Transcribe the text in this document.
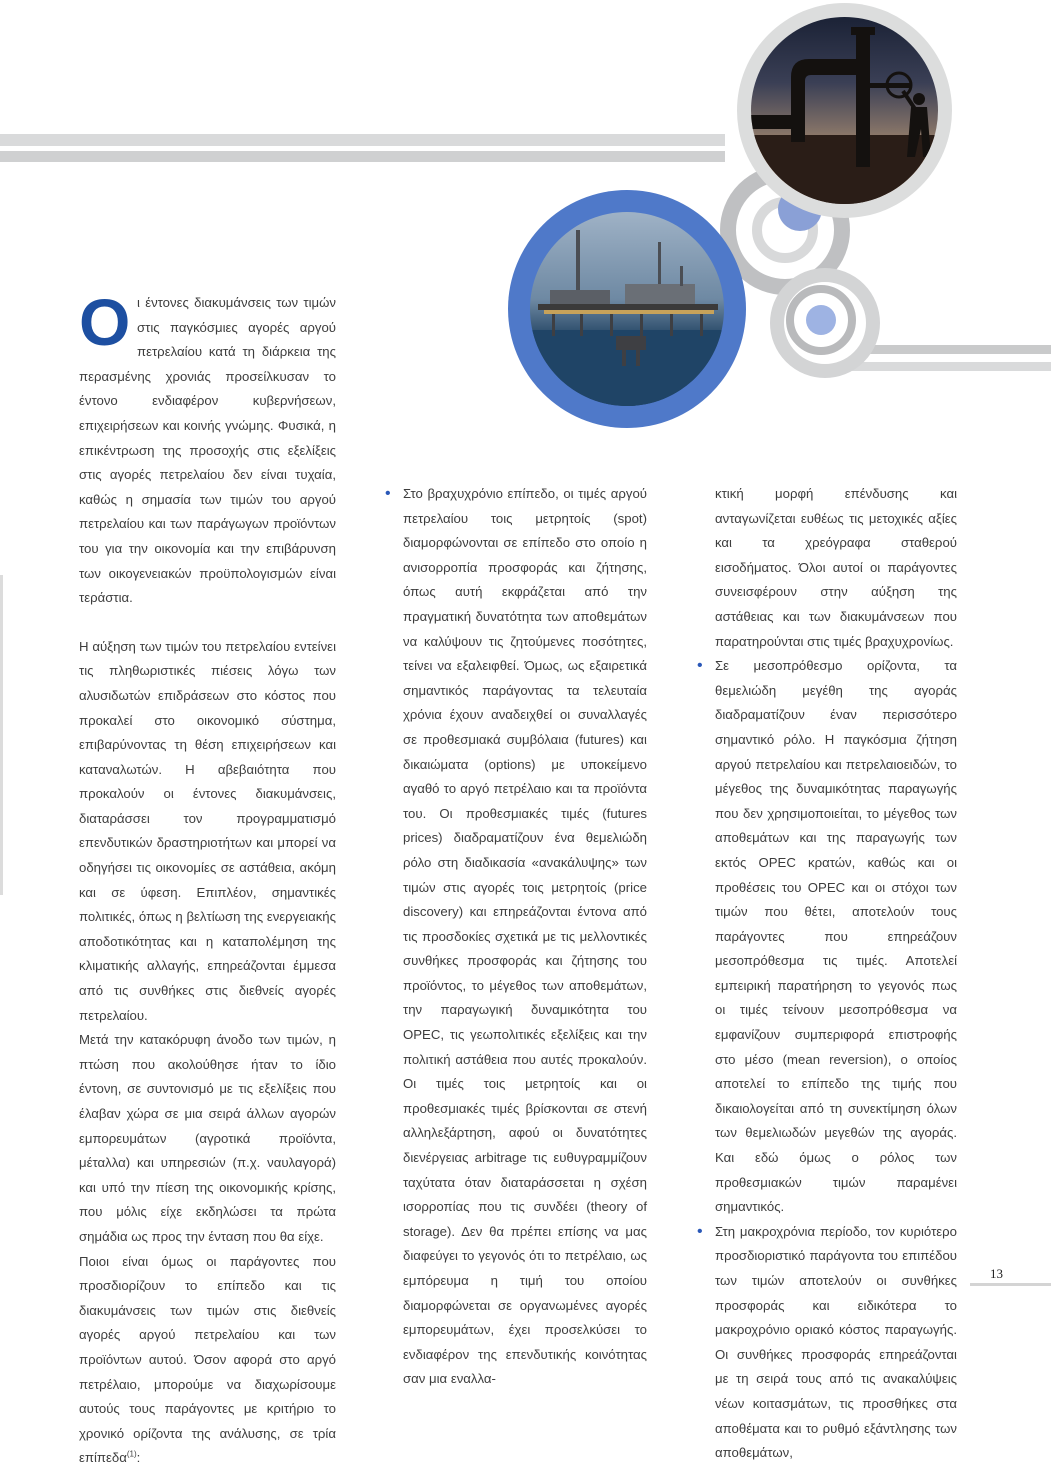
Ο ι έντονες διακυμάνσεις των τιμών στις παγκόσμιες αγορές αργού πετρελαίου κατά τη διάρκεια της περασμένης χρονιάς προσείλκυσαν το έντονο ενδιαφέρον κυβερνήσεων, επιχειρήσεων και κοινής γνώμης. Φυσικά, η επικέντρωση της προσοχής στις εξελίξεις στις αγορές πετρελαίου δεν είναι τυχαία, καθώς η σημασία των τιμών του αργού πετρελαίου και των παράγωγων προϊόντων του για την οικονομία και την επιβάρυνση των οικογενειακών προϋπολογισμών είναι τεράστια.

Η αύξηση των τιμών του πετρελαίου εντείνει τις πληθωριστικές πιέσεις λόγω των αλυσιδωτών επιδράσεων στο κόστος που προκαλεί στο οικονομικό σύστημα, επιβαρύνοντας τη θέση επιχειρήσεων και καταναλωτών. Η αβεβαιότητα που προκαλούν οι έντονες διακυμάνσεις, διαταράσσει τον προγραμματισμό επενδυτικών δραστηριοτήτων και μπορεί να οδηγήσει τις οικονομίες σε αστάθεια, ακόμη και σε ύφεση. Επιπλέον, σημαντικές πολιτικές, όπως η βελτίωση της ενεργειακής αποδοτικότητας και η καταπολέμηση της κλιματικής αλλαγής, επηρεάζονται έμμεσα από τις συνθήκες στις διεθνείς αγορές πετρελαίου.

Μετά την κατακόρυφη άνοδο των τιμών, η πτώση που ακολούθησε ήταν το ίδιο έντονη, σε συντονισμό με τις εξελίξεις που έλαβαν χώρα σε μια σειρά άλλων αγορών εμπορευμάτων (αγροτικά προϊόντα, μέταλλα) και υπηρεσιών (π.χ. ναυλαγορά) και υπό την πίεση της οικονομικής κρίσης, που μόλις είχε εκδηλώσει τα πρώτα σημάδια ως προς την ένταση που θα είχε.

Ποιοι είναι όμως οι παράγοντες που προσδιορίζουν το επίπεδο και τις διακυμάνσεις των τιμών στις διεθνείς αγορές αργού πετρελαίου και των προϊόντων αυτού. Όσον αφορά στο αργό πετρέλαιο, μπορούμε να διαχωρίσουμε αυτούς τους παράγοντες με κριτήριο το χρονικό ορίζοντα της ανάλυσης, σε τρία επίπεδα$^{(1)}$:

• Στο βραχυχρόνιο επίπεδο, οι τιμές αργού πετρελαίου τοις μετρητοίς (spot) διαμορφώνονται σε επίπεδο στο οποίο η ανισορροπία προσφοράς και ζήτησης, όπως αυτή εκφράζεται από την πραγματική δυνατότητα των αποθεμάτων να καλύψουν τις ζητούμενες ποσότητες, τείνει να εξαλειφθεί. Όμως, ως εξαιρετικά σημαντικός παράγοντας τα τελευταία χρόνια έχουν αναδειχθεί οι συναλλαγές σε προθεσμιακά συμβόλαια (futures) και δικαιώματα (options) με υποκείμενο αγαθό το αργό πετρέλαιο και τα προϊόντα του. Οι προθεσμιακές τιμές (futures prices) διαδραματίζουν ένα θεμελιώδη ρόλο στη διαδικασία «ανακάλυψης» των τιμών στις αγορές τοις μετρητοίς (price discovery) και επηρεάζονται έντονα από τις προσδοκίες σχετικά με τις μελλοντικές συνθήκες προσφοράς και ζήτησης του προϊόντος, το μέγεθος των αποθεμάτων, την παραγωγική δυναμικότητα του OPEC, τις γεωπολιτικές εξελίξεις και την πολιτική αστάθεια που αυτές προκαλούν. Οι τιμές τοις μετρητοίς και οι προθεσμιακές τιμές βρίσκονται σε στενή αλληλεξάρτηση, αφού οι δυνατότητες διενέργειας arbitrage τις ευθυγραμμίζουν ταχύτατα όταν διαταράσσεται η σχέση ισορροπίας που τις συνδέει (theory of storage). Δεν θα πρέπει επίσης να μας διαφεύγει το γεγονός ότι το πετρέλαιο, ως εμπόρευμα η τιμή του οποίου διαμορφώνεται σε οργανωμένες αγορές εμπορευμάτων, έχει προσελκύσει το ενδιαφέρον της επενδυτικής κοινότητας σαν μια εναλλα-

κτική μορφή επένδυσης και ανταγωνίζεται ευθέως τις μετοχικές αξίες και τα χρεόγραφα σταθερού εισοδήματος. Όλοι αυτοί οι παράγοντες συνεισφέρουν στην αύξηση της αστάθειας και των διακυμάνσεων που παρατηρούνται στις τιμές βραχυχρονίως.

• Σε μεσοπρόθεσμο ορίζοντα, τα θεμελιώδη μεγέθη της αγοράς διαδραματίζουν έναν περισσότερο σημαντικό ρόλο. Η παγκόσμια ζήτηση αργού πετρελαίου και πετρελαιοειδών, το μέγεθος της δυναμικότητας παραγωγής που δεν χρησιμοποιείται, το μέγεθος των αποθεμάτων και της παραγωγής των εκτός OPEC κρατών, καθώς και οι προθέσεις του OPEC και οι στόχοι των τιμών που θέτει, αποτελούν τους παράγοντες που επηρεάζουν μεσοπρόθεσμα τις τιμές. Αποτελεί εμπειρική παρατήρηση το γεγονός πως οι τιμές τείνουν μεσοπρόθεσμα να εμφανίζουν συμπεριφορά επιστροφής στο μέσο (mean reversion), ο οποίος αποτελεί το επίπεδο της τιμής που δικαιολογείται από τη συνεκτίμηση όλων των θεμελιωδών μεγεθών της αγοράς. Και εδώ όμως ο ρόλος των προθεσμιακών τιμών παραμένει σημαντικός.

• Στη μακροχρόνια περίοδο, τον κυριότερο προσδιοριστικό παράγοντα του επιπέδου των τιμών αποτελούν οι συνθήκες προσφοράς και ειδικότερα το μακροχρόνιο οριακό κόστος παραγωγής. Οι συνθήκες προσφοράς επηρεάζονται με τη σειρά τους από τις ανακαλύψεις νέων κοιτασμάτων, τις προσθήκες στα αποθέματα και το ρυθμό εξάντλησης των αποθεμάτων,

13
